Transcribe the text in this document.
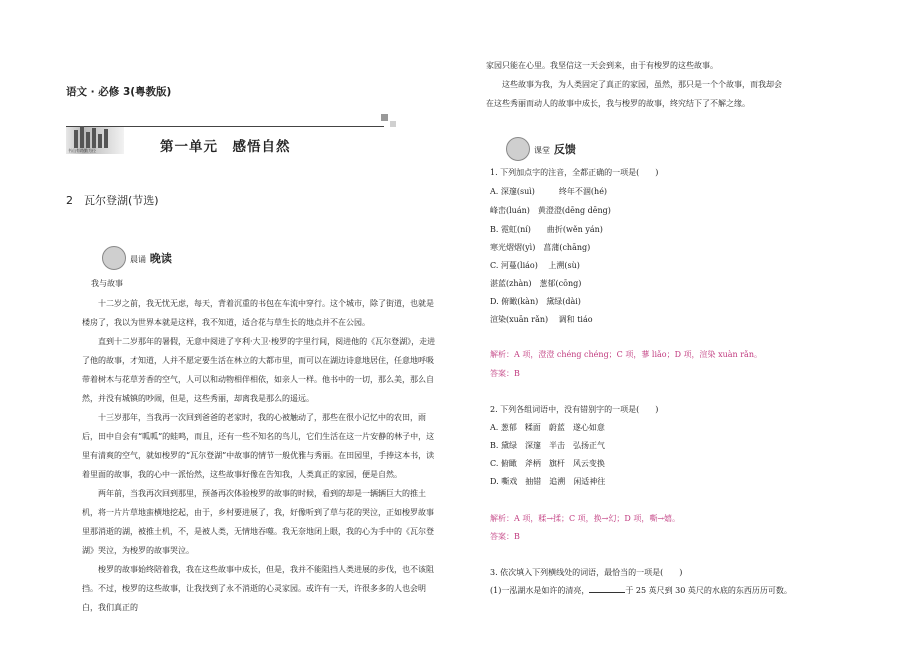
语文 · 必修 3(粤教版)
书山有路勤为径	第一单元　感悟自然
2　瓦尔登湖(节选)
晨诵 晚读
我与故事

十二岁之前，我无忧无虑，每天，背着沉重的书包在车流中穿行。这个城市，除了街道，也就是楼房了，我以为世界本就是这样，我不知道，适合花与草生长的地点并不在公园。

直到十二岁那年的暑假，无意中阅进了亨利·大卫·梭罗的字里行间，阅进他的《瓦尔登湖》，走进了他的故事，才知道，人并不愿定要生活在林立的大都市里，而可以在湖边诗意地居住，任意地呼吸带着树木与花草芳香的空气，人可以和动物相伴相依，如亲人一样。他书中的一切，那么美，那么自然，并没有城镇的吵闹，但是，这些秀丽，却离我是那么的遥远。

十三岁那年，当我再一次回到爸爸的老家时，我的心被触动了，那些在很小记忆中的农田，雨后，田中自会有“呱呱”的蛙鸣，而且，还有一些不知名的鸟儿，它们生活在这一片安静的林子中，这里有清爽的空气，就如梭罗的“瓦尔登湖”中故事的情节一般优雅与秀丽。在田园里，手捧这本书，读着里面的故事，我的心中一派怡然，这些故事好像在告知我，人类真正的家园，便是自然。

两年前，当我再次回到那里，预备再次体验梭罗的故事的时候，看到的却是一辆辆巨大的推土机，将一片片草地蛮横地挖起，由于，乡村要进展了，我，好像听到了草与花的哭泣，正如梭罗故事里那消逝的湖，被推土机，不，是被人类，无情地吞噬。我无奈地闭上眼，我的心为手中的《瓦尔登湖》哭泣，为梭罗的故事哭泣。

梭罗的故事始终陪着我，我在这些故事中成长，但是，我并不能阻挡人类进展的步伐，也不该阻挡。不过，梭罗的这些故事，让我找到了永不消逝的心灵家园。或许有一天，许很多多的人也会明白，我们真正的

家园只能在心里。我坚信这一天会到来，由于有梭罗的这些故事。

这些故事为我，为人类固定了真正的家园，虽然，那只是一个个故事，而我却会在这些秀丽而动人的故事中成长，我与梭罗的故事，终究结下了不解之缘。

课堂 反馈
1. 下列加点字的注音，全都正确的一项是(　　)
A. 深邃(suì)　　　终年不涸(hé)
峰峦(luán)　黄澄澄(dēng dēng)
B. 霓虹(ní)　　曲折(wěn yán)
寒光熠熠(yì)　菖蒲(chāng)
C. 河蔓(liáo)　 上溯(sù)
湛蓝(zhàn)　葱郁(cōng)
D. 俯瞰(kàn)　黛绿(dài)
渲染(xuān rǎn)　 调和 tiáo
解析：A 项，澄澄 chéng chéng；C 项，蓼 liǎo；D 项，渲染 xuàn rǎn。
答案：B
2. 下列各组词语中，没有错别字的一项是(　　)
A. 葱郁　糅面　蔚蓝　遂心如意
B. 黛绿　深邃　半击　弘扬正气
C. 俯瞰　斧柄　旗杆　风云变换
D. 嘶戏　抽错　追溯　闲适神往
解析：A 项，糅→揉；C 项，换→幻；D 项，嘶→嬉。
答案：B
3. 依次填入下列横线处的词语，最恰当的一项是(　　)
(1)一泓湖水是如许的清亮，	于 25 英尺到 30 英尺的水底的东西历历可数。
